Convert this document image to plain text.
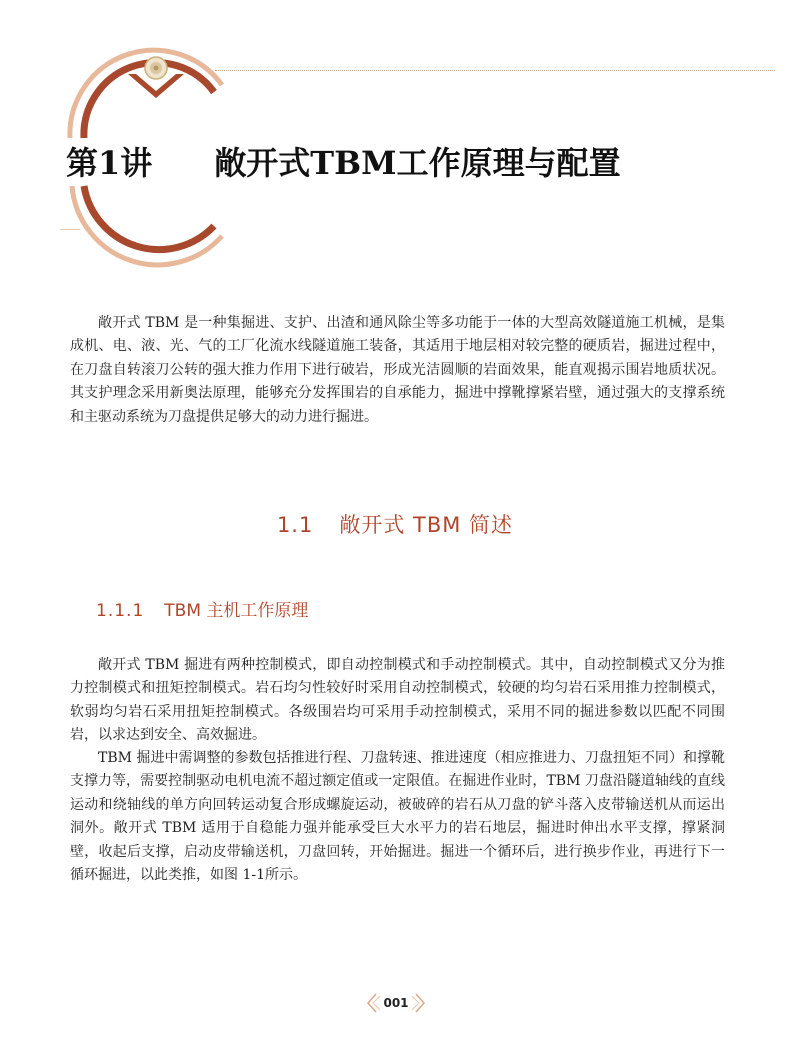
第1讲 敞开式TBM工作原理与配置

敞开式 TBM 是一种集掘进、支护、出渣和通风除尘等多功能于一体的大型高效隧道施工机械，是集成机、电、液、光、气的工厂化流水线隧道施工装备，其适用于地层相对较完整的硬质岩，掘进过程中，在刀盘自转滚刀公转的强大推力作用下进行破岩，形成光洁圆顺的岩面效果，能直观揭示围岩地质状况。其支护理念采用新奥法原理，能够充分发挥围岩的自承能力，掘进中撑靴撑紧岩壁，通过强大的支撑系统和主驱动系统为刀盘提供足够大的动力进行掘进。

1.1 敞开式 TBM 简述
1.1.1 TBM 主机工作原理

敞开式 TBM 掘进有两种控制模式，即自动控制模式和手动控制模式。其中，自动控制模式又分为推力控制模式和扭矩控制模式。岩石均匀性较好时采用自动控制模式，较硬的均匀岩石采用推力控制模式，软弱均匀岩石采用扭矩控制模式。各级围岩均可采用手动控制模式，采用不同的掘进参数以匹配不同围岩，以求达到安全、高效掘进。

TBM 掘进中需调整的参数包括推进行程、刀盘转速、推进速度（相应推进力、刀盘扭矩不同）和撑靴支撑力等，需要控制驱动电机电流不超过额定值或一定限值。在掘进作业时，TBM 刀盘沿隧道轴线的直线运动和绕轴线的单方向回转运动复合形成螺旋运动，被破碎的岩石从刀盘的铲斗落入皮带输送机从而运出洞外。敞开式 TBM 适用于自稳能力强并能承受巨大水平力的岩石地层，掘进时伸出水平支撑，撑紧洞壁，收起后支撑，启动皮带输送机，刀盘回转，开始掘进。掘进一个循环后，进行换步作业，再进行下一循环掘进，以此类推，如图 1-1所示。

001
